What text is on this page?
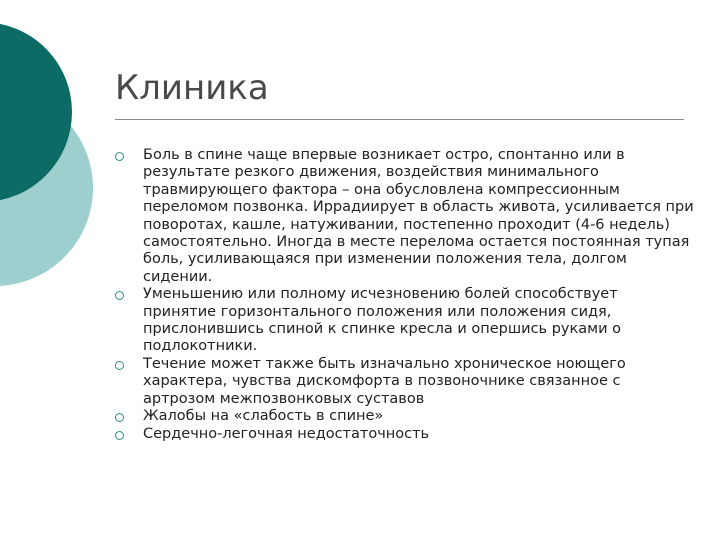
Клиника
Боль в спине чаще впервые возникает остро, спонтанно или в результате резкого движения, воздействия минимального травмирующего фактора – она обусловлена компрессионным переломом позвонка. Иррадиирует в область живота, усиливается при поворотах, кашле, натуживании, постепенно проходит (4-6 недель) самостоятельно. Иногда в месте перелома остается постоянная тупая боль, усиливающаяся при изменении положения тела, долгом сидении.
Уменьшению или полному исчезновению болей способствует принятие горизонтального положения или положения сидя, прислонившись спиной к спинке кресла и опершись руками о подлокотники.
Течение может также быть изначально хроническое ноющего характера, чувства дискомфорта в позвоночнике связанное с артрозом межпозвонковых суставов
Жалобы на «слабость в спине»
Сердечно-легочная недостаточность
